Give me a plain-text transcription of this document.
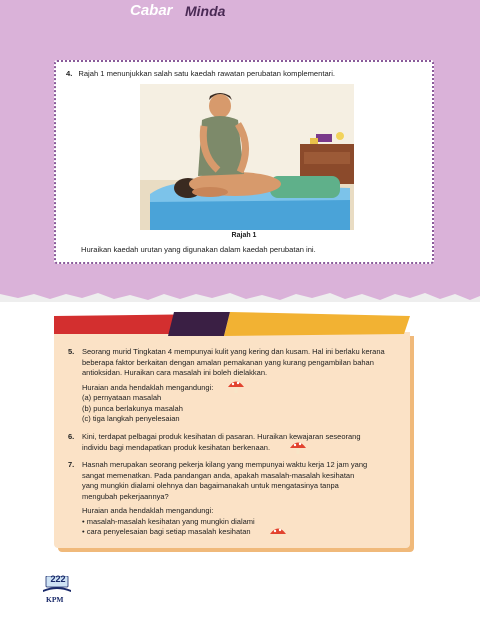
4. Rajah 1 menunjukkan salah satu kaedah rawatan perubatan komplementari.
Rajah 1
Huraikan kaedah urutan yang digunakan dalam kaedah perubatan ini.
5. Seorang murid Tingkatan 4 mempunyai kulit yang kering dan kusam. Hal ini berlaku kerana
beberapa faktor berkaitan dengan amalan pemakanan yang kurang pengambilan bahan
antioksidan. Huraikan cara masalah ini boleh dielakkan.
Huraian anda hendaklah mengandungi:
(a) pernyataan masalah
(b) punca berlakunya masalah
(c) tiga langkah penyelesaian
6. Kini, terdapat pelbagai produk kesihatan di pasaran. Huraikan kewajaran seseorang
individu bagi mendapatkan produk kesihatan berkenaan.
7. Hasnah merupakan seorang pekerja kilang yang mempunyai waktu kerja 12 jam yang
sangat memenatkan. Pada pandangan anda, apakah masalah-masalah kesihatan
yang mungkin dialami olehnya dan bagaimanakah untuk mengatasinya tanpa
mengubah pekerjaannya?
Huraian anda hendaklah mengandungi:
• masalah-masalah kesihatan yang mungkin dialami
• cara penyelesaian bagi setiap masalah kesihatan
Cabar Minda
222
KPM
